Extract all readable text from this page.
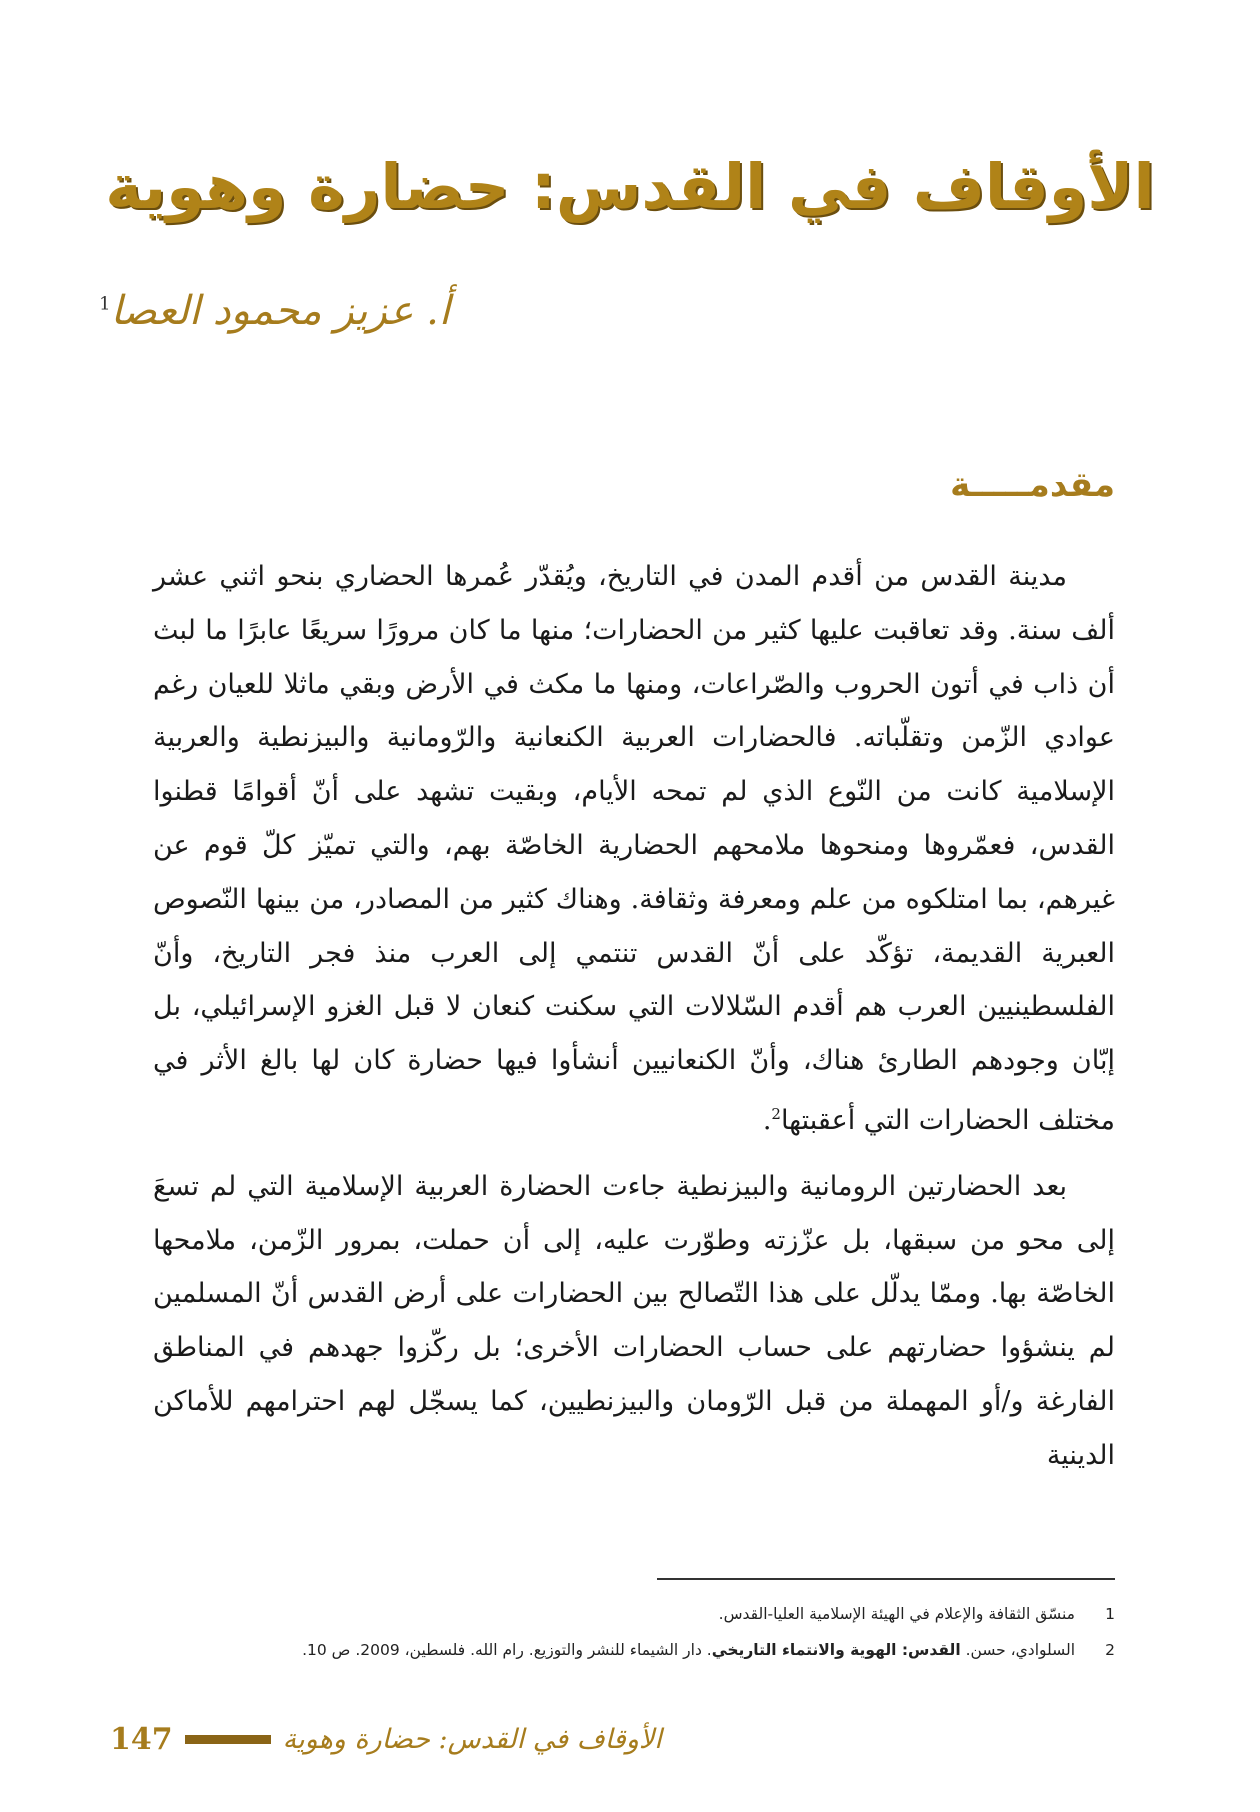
الأوقاف في القدس: حضارة وهوية
أ. عزيز محمود العصا$^1$
مقدمـــــة

مدينة القدس من أقدم المدن في التاريخ، ويُقدّر عُمرها الحضاري بنحو اثني عشر ألف سنة. وقد تعاقبت عليها كثير من الحضارات؛ منها ما كان مرورًا سريعًا عابرًا ما لبث أن ذاب في أتون الحروب والصّراعات، ومنها ما مكث في الأرض وبقي ماثلا للعيان رغم عوادي الزّمن وتقلّباته. فالحضارات العربية الكنعانية والرّومانية والبيزنطية والعربية الإسلامية كانت من النّوع الذي لم تمحه الأيام، وبقيت تشهد على أنّ أقوامًا قطنوا القدس، فعمّروها ومنحوها ملامحهم الحضارية الخاصّة بهم، والتي تميّز كلّ قوم عن غيرهم، بما امتلكوه من علم ومعرفة وثقافة. وهناك كثير من المصادر، من بينها النّصوص العبرية القديمة، تؤكّد على أنّ القدس تنتمي إلى العرب منذ فجر التاريخ، وأنّ الفلسطينيين العرب هم أقدم السّلالات التي سكنت كنعان لا قبل الغزو الإسرائيلي، بل إبّان وجودهم الطارئ هناك، وأنّ الكنعانيين أنشأوا فيها حضارة كان لها بالغ الأثر في مختلف الحضارات التي أعقبتها$^2$.

بعد الحضارتين الرومانية والبيزنطية جاءت الحضارة العربية الإسلامية التي لم تسعَ إلى محو من سبقها، بل عزّزته وطوّرت عليه، إلى أن حملت، بمرور الزّمن، ملامحها الخاصّة بها. وممّا يدلّل على هذا التّصالح بين الحضارات على أرض القدس أنّ المسلمين لم ينشؤوا حضارتهم على حساب الحضارات الأخرى؛ بل ركّزوا جهدهم في المناطق الفارغة و/أو المهملة من قبل الرّومان والبيزنطيين، كما يسجّل لهم احترامهم للأماكن الدينية

1
منسّق الثقافة والإعلام في الهيئة الإسلامية العليا-القدس.
2
السلوادي، حسن. القدس: الهوية والانتماء التاريخي. دار الشيماء للنشر والتوزيع. رام الله. فلسطين، 2009. ص 10.
147	الأوقاف في القدس: حضارة وهوية
